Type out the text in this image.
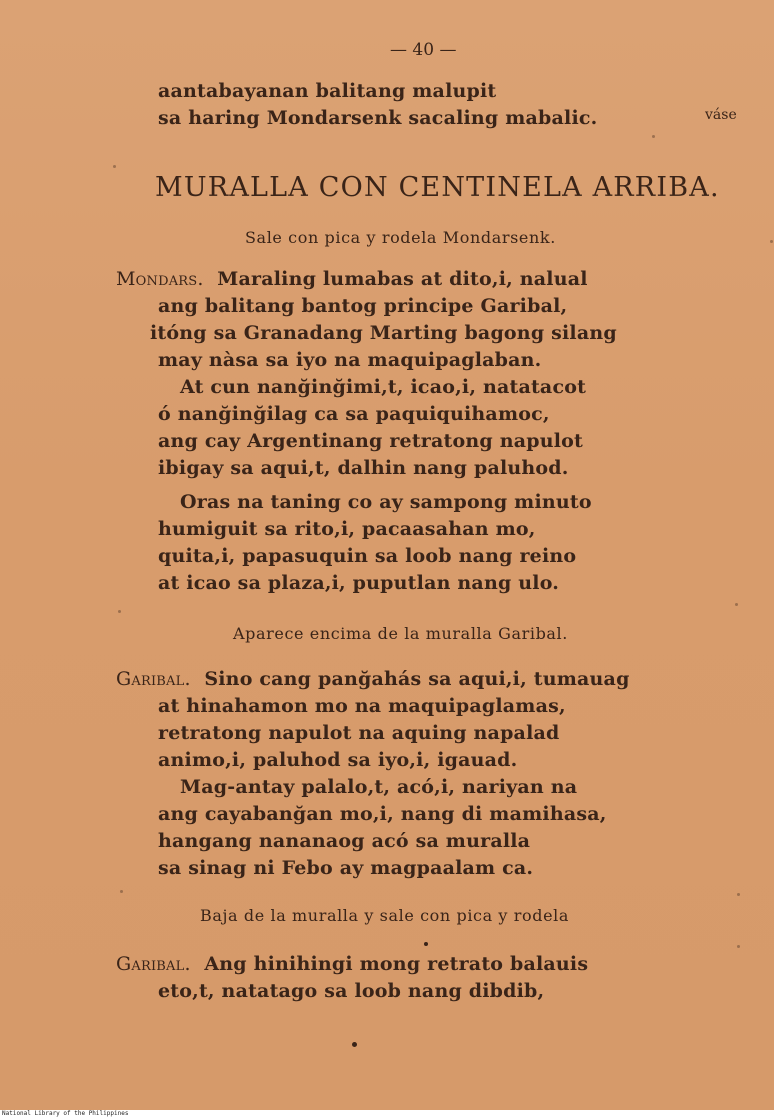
— 40 —
aantabayanan balitang malupit
sa haring Mondarsenk sacaling mabalic.	váse
MURALLA CON CENTINELA ARRIBA.
Sale con pica y rodela Mondarsenk.
Mondars. Maraling lumabas at dito,i, nalual
ang balitang bantog principe Garibal,
itóng sa Granadang Marting bagong silang
may nàsa sa iyo na maquipaglaban.
At cun nanğinğimi,t, icao,i, natatacot
ó nanğinğilag ca sa paquiquihamoc,
ang cay Argentinang retratong napulot
ibigay sa aqui,t, dalhin nang paluhod.
Oras na taning co ay sampong minuto
humiguit sa rito,i, pacaasahan mo,
quita,i, papasuquin sa loob nang reino
at icao sa plaza,i, puputlan nang ulo.
Aparece encima de la muralla Garibal.
Garibal. Sino cang panğahás sa aqui,i, tumauag
at hinahamon mo na maquipaglamas,
retratong napulot na aquing napalad
animo,i, paluhod sa iyo,i, igauad.
Mag-antay palalo,t, acó,i, nariyan na
ang cayabanğan mo,i, nang di mamihasa,
hangang nananaog acó sa muralla
sa sinag ni Febo ay magpaalam ca.
Baja de la muralla y sale con pica y rodela
Garibal. Ang hinihingi mong retrato balauis
eto,t, natatago sa loob nang dibdib,
National Library of the Philippines
